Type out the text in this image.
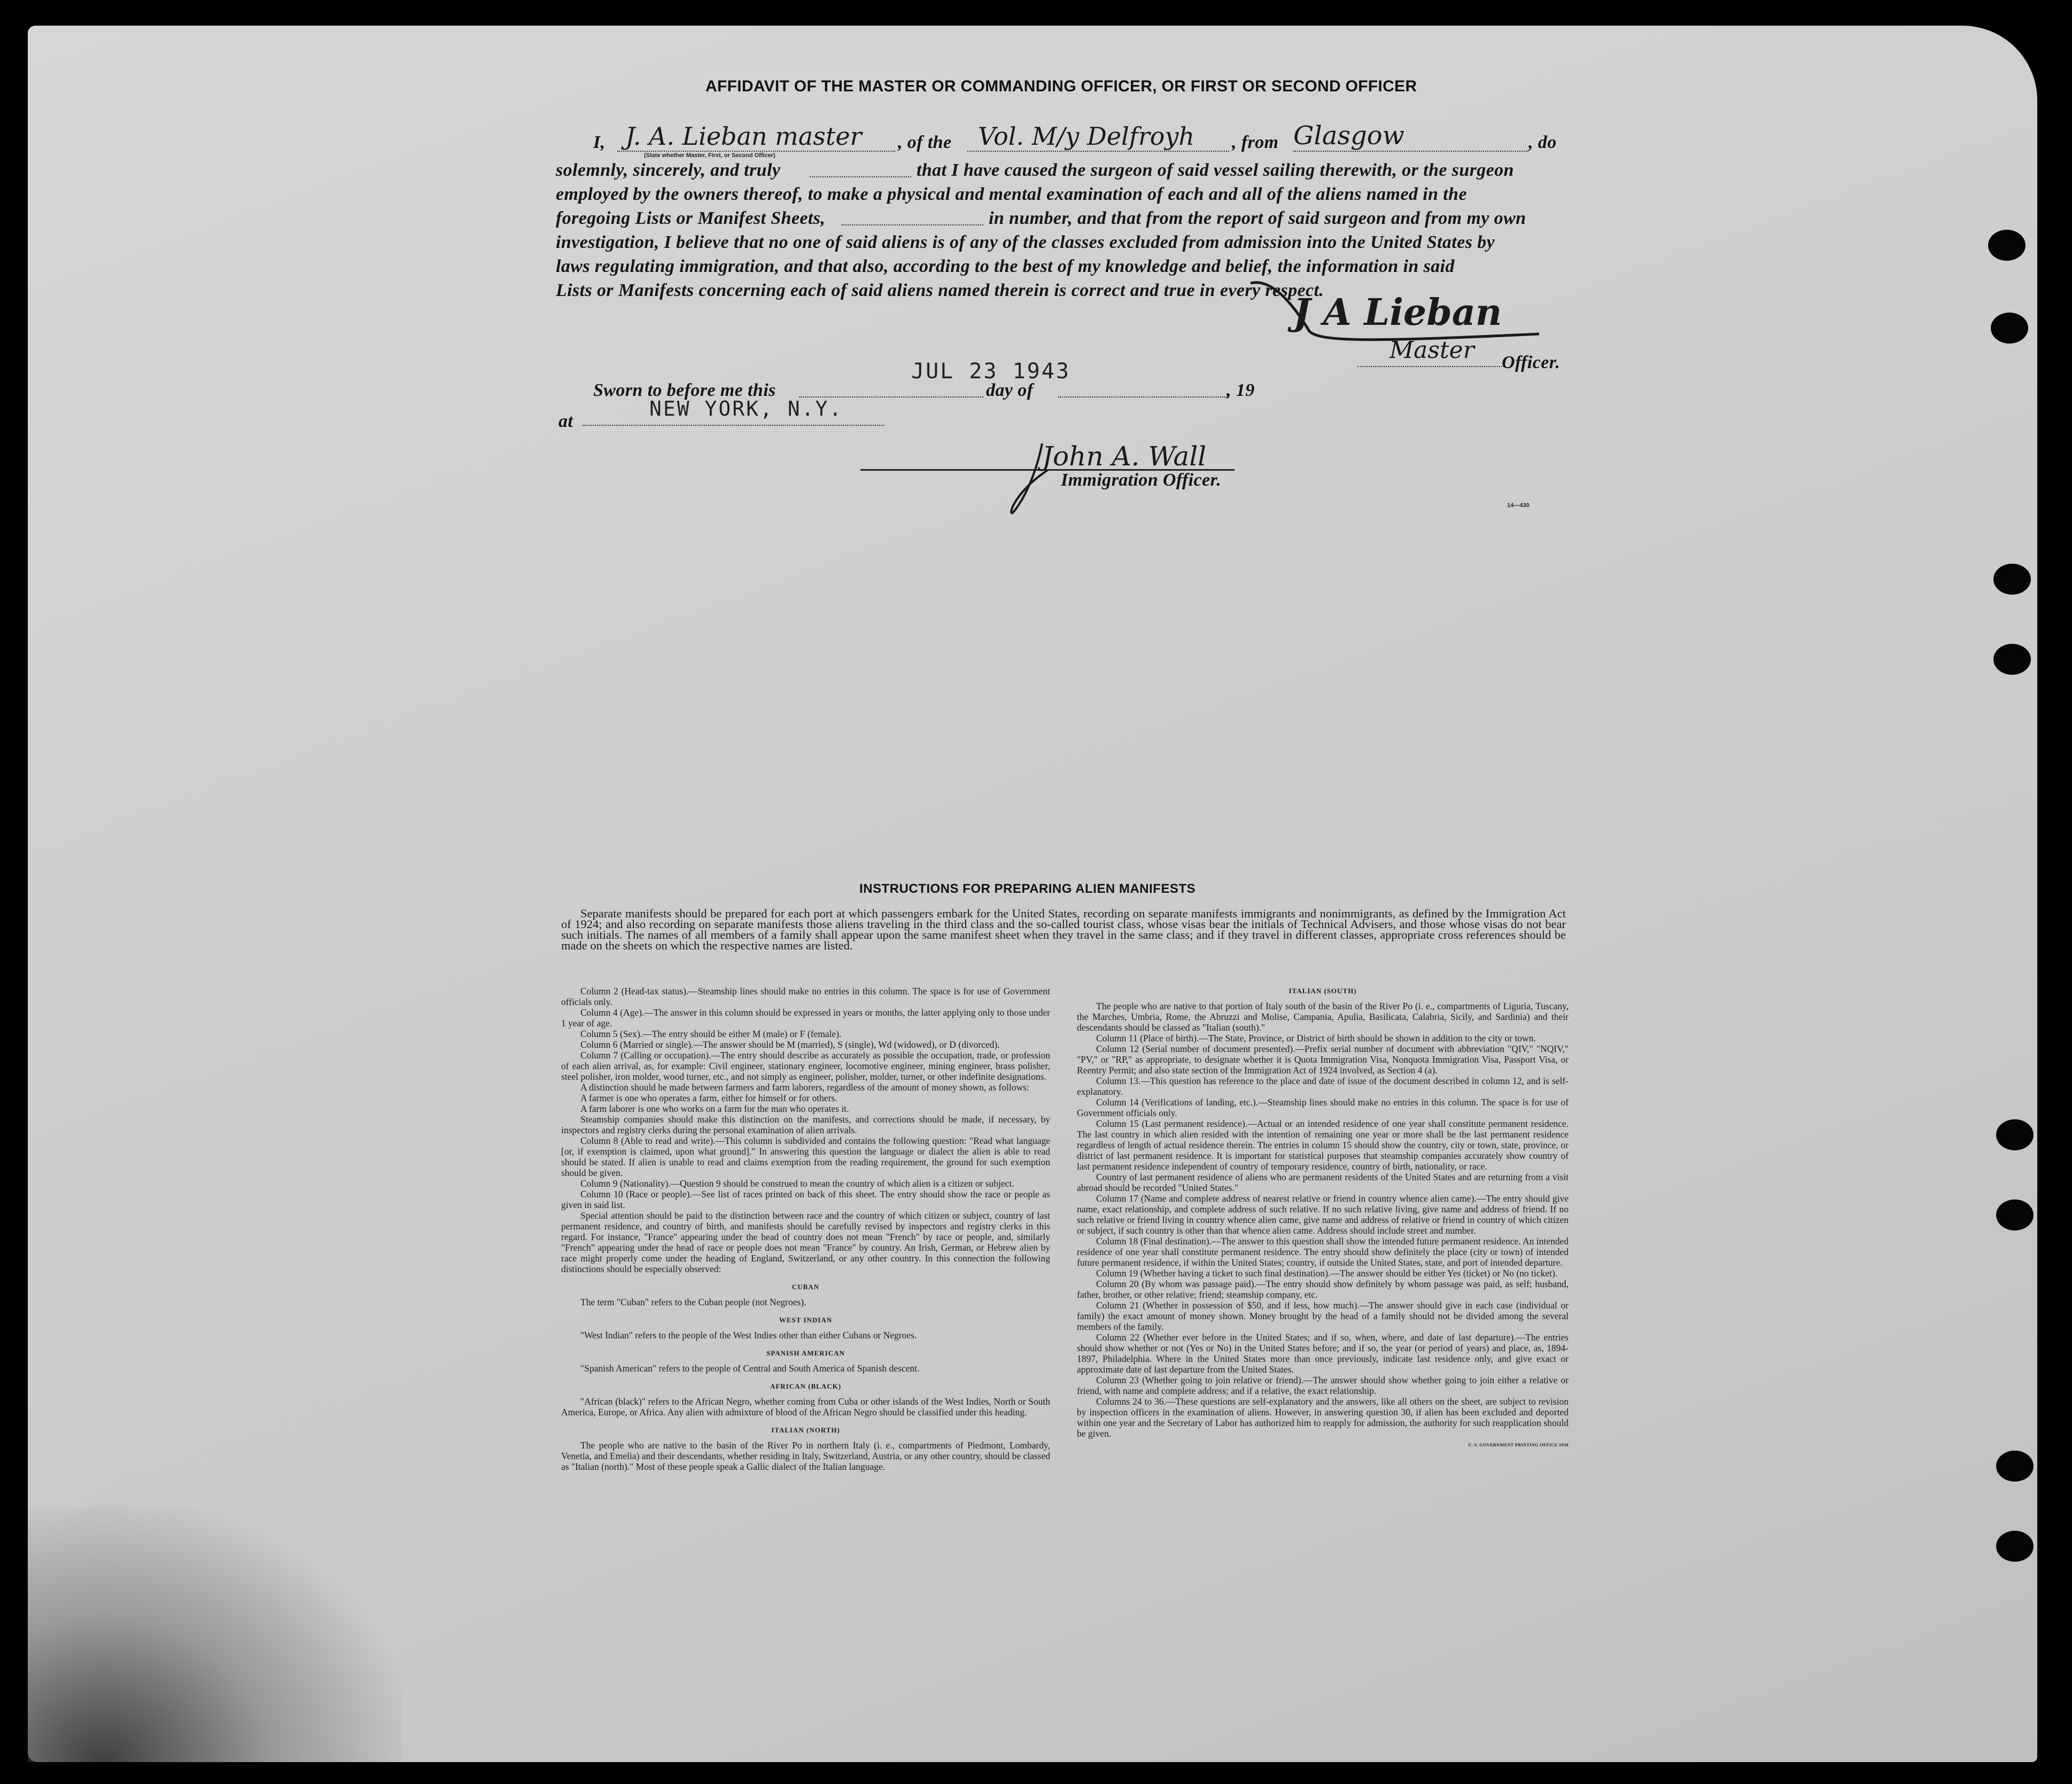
AFFIDAVIT OF THE MASTER OR COMMANDING OFFICER, OR FIRST OR SECOND OFFICER
I, J. A. Lieban master
(State whether Master, First, or Second Officer)
, of the Vol. M/y Delfroyh , from Glasgow	, do
solemnly, sincerely, and truly	that I have caused the surgeon of said vessel sailing therewith, or the surgeon
employed by the owners thereof, to make a physical and mental examination of each and all of the aliens named in the
foregoing Lists or Manifest Sheets,	in number, and that from the report of said surgeon and from my own
investigation, I believe that no one of said aliens is of any of the classes excluded from admission into the United States by
laws regulating immigration, and that also, according to the best of my knowledge and belief, the information in said
Lists or Manifests concerning each of said aliens named therein is correct and true in every respect.
J A Lieban
Master Officer.
Sworn to before me this
JUL 23 1943
day of	, 19
at
NEW YORK, N.Y.
John A. Wall
Immigration Officer.
14—430
INSTRUCTIONS FOR PREPARING ALIEN MANIFESTS

Separate manifests should be prepared for each port at which passengers embark for the United States, recording on separate manifests immigrants and nonimmigrants, as defined by the Immigration Act of 1924; and also recording on separate manifests those aliens traveling in the third class and the so-called tourist class, whose visas bear the initials of Technical Advisers, and those whose visas do not bear such initials. The names of all members of a family shall appear upon the same manifest sheet when they travel in the same class; and if they travel in different classes, appropriate cross references should be made on the sheets on which the respective names are listed.

Column 2 (Head-tax status).—Steamship lines should make no entries in this column. The space is for use of Government officials only.

Column 4 (Age).—The answer in this column should be expressed in years or months, the latter applying only to those under 1 year of age.

Column 5 (Sex).—The entry should be either M (male) or F (female).

Column 6 (Married or single).—The answer should be M (married), S (single), Wd (widowed), or D (divorced).

Column 7 (Calling or occupation).—The entry should describe as accurately as possible the occupation, trade, or profession of each alien arrival, as, for example: Civil engineer, stationary engineer, locomotive engineer, mining engineer, brass polisher, steel polisher, iron molder, wood turner, etc., and not simply as engineer, polisher, molder, turner, or other indefinite designations.

A distinction should be made between farmers and farm laborers, regardless of the amount of money shown, as follows:

A farmer is one who operates a farm, either for himself or for others.

A farm laborer is one who works on a farm for the man who operates it.

Steamship companies should make this distinction on the manifests, and corrections should be made, if necessary, by inspectors and registry clerks during the personal examination of alien arrivals.

Column 8 (Able to read and write).—This column is subdivided and contains the following question: "Read what language [or, if exemption is claimed, upon what ground]." In answering this question the language or dialect the alien is able to read should be stated. If alien is unable to read and claims exemption from the reading requirement, the ground for such exemption should be given.

Column 9 (Nationality).—Question 9 should be construed to mean the country of which alien is a citizen or subject.

Column 10 (Race or people).—See list of races printed on back of this sheet. The entry should show the race or people as given in said list.

Special attention should be paid to the distinction between race and the country of which citizen or subject, country of last permanent residence, and country of birth, and manifests should be carefully revised by inspectors and registry clerks in this regard. For instance, "France" appearing under the head of country does not mean "French" by race or people, and, similarly "French" appearing under the head of race or people does not mean "France" by country. An Irish, German, or Hebrew alien by race might properly come under the heading of England, Switzerland, or any other country. In this connection the following distinctions should be especially observed:

CUBAN

The term "Cuban" refers to the Cuban people (not Negroes).

WEST INDIAN

"West Indian" refers to the people of the West Indies other than either Cubans or Negroes.

SPANISH AMERICAN

"Spanish American" refers to the people of Central and South America of Spanish descent.

AFRICAN (BLACK)

"African (black)" refers to the African Negro, whether coming from Cuba or other islands of the West Indies, North or South America, Europe, or Africa. Any alien with admixture of blood of the African Negro should be classified under this heading.

ITALIAN (NORTH)

The people who are native to the basin of the River Po in northern Italy (i. e., compartments of Piedmont, Lombardy, Venetia, and Emelia) and their descendants, whether residing in Italy, Switzerland, Austria, or any other country, should be classed as "Italian (north)." Most of these people speak a Gallic dialect of the Italian language.

ITALIAN (SOUTH)

The people who are native to that portion of Italy south of the basin of the River Po (i. e., compartments of Liguria, Tuscany, the Marches, Umbria, Rome, the Abruzzi and Molise, Campania, Apulia, Basilicata, Calabria, Sicily, and Sardinia) and their descendants should be classed as "Italian (south)."

Column 11 (Place of birth).—The State, Province, or District of birth should be shown in addition to the city or town.

Column 12 (Serial number of document presented).—Prefix serial number of document with abbreviation "QIV," "NQIV," "PV," or "RP," as appropriate, to designate whether it is Quota Immigration Visa, Nonquota Immigration Visa, Passport Visa, or Reentry Permit; and also state section of the Immigration Act of 1924 involved, as Section 4 (a).

Column 13.—This question has reference to the place and date of issue of the document described in column 12, and is self-explanatory.

Column 14 (Verifications of landing, etc.).—Steamship lines should make no entries in this column. The space is for use of Government officials only.

Column 15 (Last permanent residence).—Actual or an intended residence of one year shall constitute permanent residence. The last country in which alien resided with the intention of remaining one year or more shall be the last permanent residence regardless of length of actual residence therein. The entries in column 15 should show the country, city or town, state, province, or district of last permanent residence. It is important for statistical purposes that steamship companies accurately show country of last permanent residence independent of country of temporary residence, country of birth, nationality, or race.

Country of last permanent residence of aliens who are permanent residents of the United States and are returning from a visit abroad should be recorded "United States."

Column 17 (Name and complete address of nearest relative or friend in country whence alien came).—The entry should give name, exact relationship, and complete address of such relative. If no such relative living, give name and address of friend. If no such relative or friend living in country whence alien came, give name and address of relative or friend in country of which citizen or subject, if such country is other than that whence alien came. Address should include street and number.

Column 18 (Final destination).—The answer to this question shall show the intended future permanent residence. An intended residence of one year shall constitute permanent residence. The entry should show definitely the place (city or town) of intended future permanent residence, if within the United States; country, if outside the United States, state, and port of intended departure.

Column 19 (Whether having a ticket to such final destination).—The answer should be either Yes (ticket) or No (no ticket).

Column 20 (By whom was passage paid).—The entry should show definitely by whom passage was paid, as self; husband, father, brother, or other relative; friend; steamship company, etc.

Column 21 (Whether in possession of $50, and if less, how much).—The answer should give in each case (individual or family) the exact amount of money shown. Money brought by the head of a family should not be divided among the several members of the family.

Column 22 (Whether ever before in the United States; and if so, when, where, and date of last departure).—The entries should show whether or not (Yes or No) in the United States before; and if so, the year (or period of years) and place, as, 1894-1897, Philadelphia. Where in the United States more than once previously, indicate last residence only, and give exact or approximate date of last departure from the United States.

Column 23 (Whether going to join relative or friend).—The answer should show whether going to join either a relative or friend, with name and complete address; and if a relative, the exact relationship.

Columns 24 to 36.—These questions are self-explanatory and the answers, like all others on the sheet, are subject to revision by inspection officers in the examination of aliens. However, in answering question 30, if alien has been excluded and deported within one year and the Secretary of Labor has authorized him to reapply for admission, the authority for such reapplication should be given.

U. S. GOVERNMENT PRINTING OFFICE 1938
